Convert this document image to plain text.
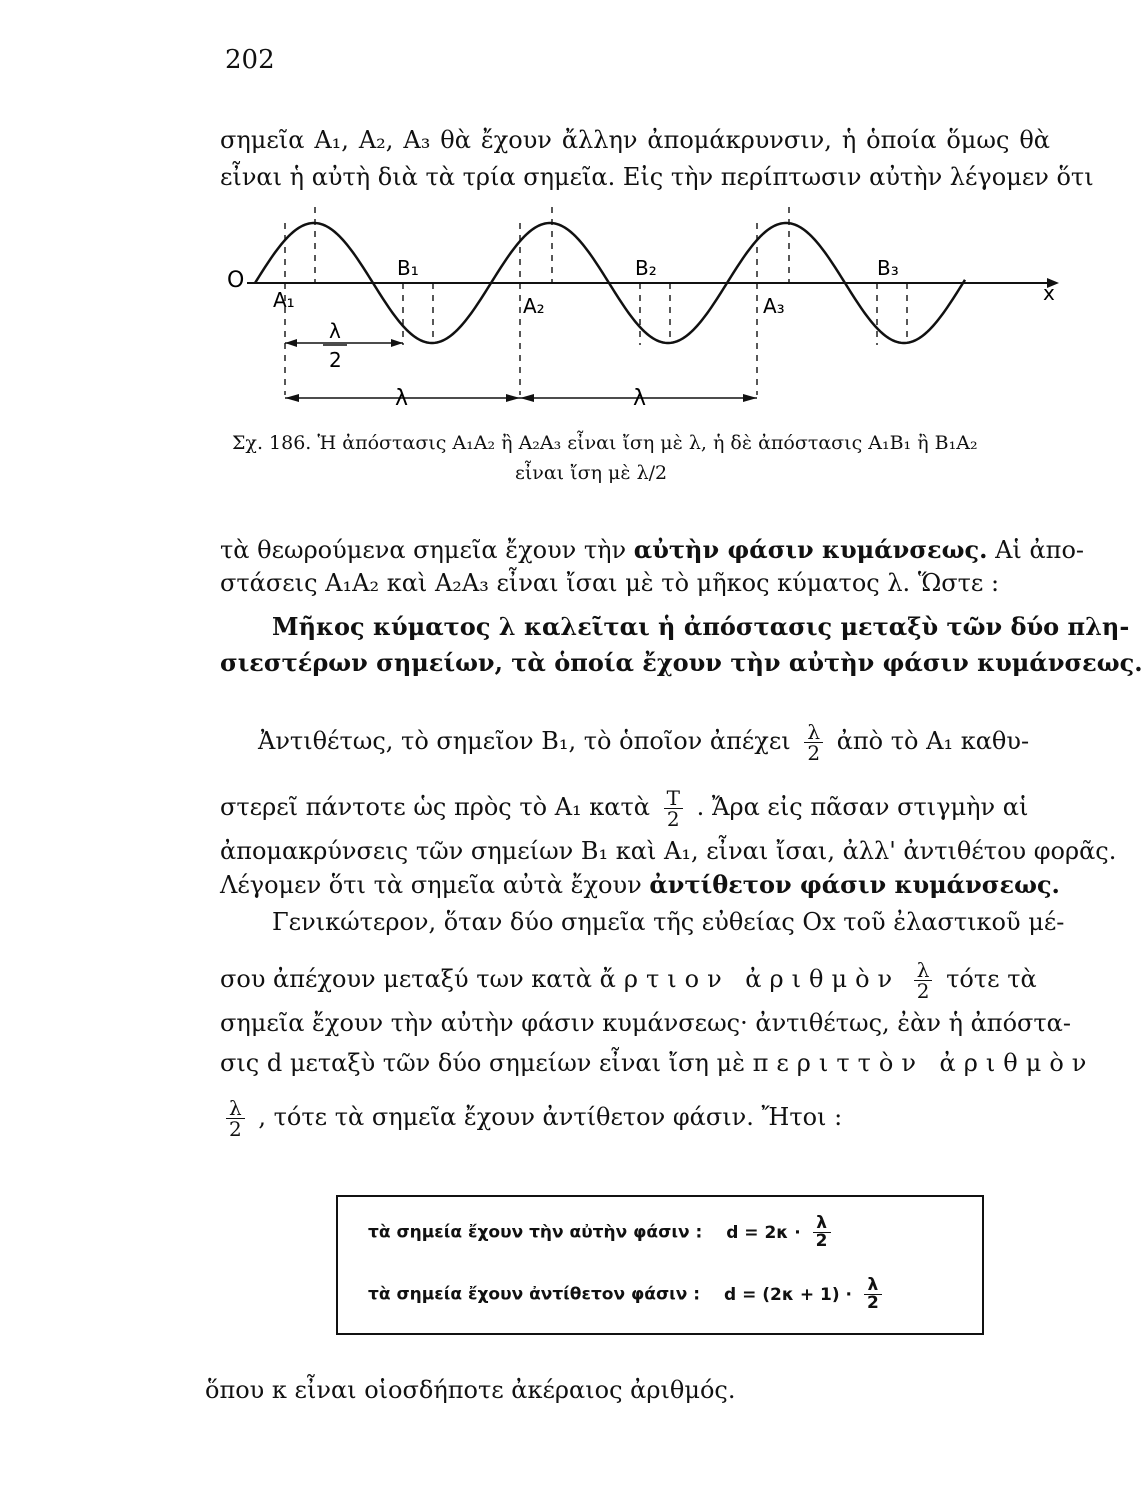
202
σημεῖα A₁, A₂, A₃ θὰ ἔχουν ἄλλην ἀπομάκρυνσιν, ἡ ὁποία ὅμως θὰ
εἶναι ἡ αὐτὴ διὰ τὰ τρία σημεῖα. Εἰς τὴν περίπτωσιν αὐτὴν λέγομεν ὅτι
O	x
A₁	A₂	A₃
B₁	B₂	B₃
λ
2
λ	λ
Σχ. 186. Ἡ ἀπόστασις A₁A₂ ἢ A₂A₃ εἶναι ἴση μὲ λ, ἡ δὲ ἀπόστασις A₁B₁ ἢ B₁A₂
εἶναι ἴση μὲ λ/2
τὰ θεωρούμενα σημεῖα ἔχουν τὴν αὐτὴν φάσιν κυμάνσεως. Αἱ ἀπο-
στάσεις A₁A₂ καὶ A₂A₃ εἶναι ἴσαι μὲ τὸ μῆκος κύματος λ. Ὥστε :
Μῆκος κύματος λ καλεῖται ἡ ἀπόστασις μεταξὺ τῶν δύο πλη-
σιεστέρων σημείων, τὰ ὁποία ἔχουν τὴν αὐτὴν φάσιν κυμάνσεως.
Ἀντιθέτως, τὸ σημεῖον B₁, τὸ ὁποῖον ἀπέχει $\frac{\lambda}{2}$ ἀπὸ τὸ A₁ καθυ-
στερεῖ πάντοτε ὡς πρὸς τὸ A₁ κατὰ $\frac{T}{2}$ . Ἄρα εἰς πᾶσαν στιγμὴν αἱ
ἀπομακρύνσεις τῶν σημείων B₁ καὶ A₁, εἶναι ἴσαι, ἀλλ' ἀντιθέτου φορᾶς.
Λέγομεν ὅτι τὰ σημεῖα αὐτὰ ἔχουν ἀντίθετον φάσιν κυμάνσεως.
Γενικώτερον, ὅταν δύο σημεῖα τῆς εὐθείας Ox τοῦ ἐλαστικοῦ μέ-
σου ἀπέχουν μεταξύ των κατὰ ἄρτιον ἀριθμὸν $\frac{\lambda}{2}$ τότε τὰ
σημεῖα ἔχουν τὴν αὐτὴν φάσιν κυμάνσεως· ἀντιθέτως, ἐὰν ἡ ἀπόστα-
σις d μεταξὺ τῶν δύο σημείων εἶναι ἴση μὲ περιττὸν ἀριθμὸν
$\frac{\lambda}{2}$ , τότε τὰ σημεῖα ἔχουν ἀντίθετον φάσιν. Ἤτοι :
τὰ σημεία ἔχουν τὴν αὐτὴν φάσιν : $d = 2\kappa \cdot \frac{\lambda}{2}$
τὰ σημεία ἔχουν ἀντίθετον φάσιν : $d = (2\kappa + 1) \cdot \frac{\lambda}{2}$
ὅπου κ εἶναι οἱοσδήποτε ἀκέραιος ἀριθμός.
